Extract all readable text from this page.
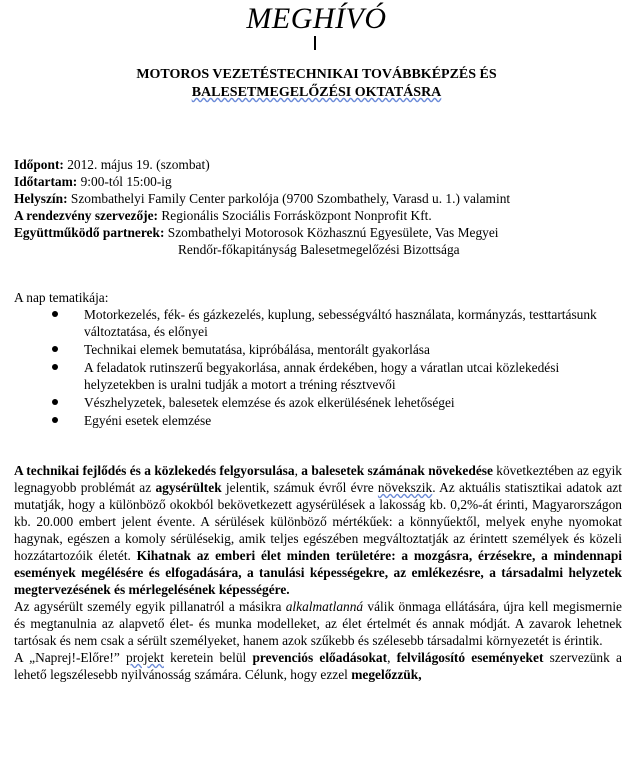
MEGHÍVÓ
MOTOROS VEZETÉSTECHNIKAI TOVÁBBKÉPZÉS ÉS
BALESETMEGELŐZÉSI OKTATÁSRA
Időpont: 2012. május 19. (szombat)
Időtartam: 9:00-tól 15:00-ig
Helyszín: Szombathelyi Family Center parkolója (9700 Szombathely, Varasd u. 1.) valamint
A rendezvény szervezője: Regionális Szociális Forrásközpont Nonprofit Kft.
Együttműködő partnerek: Szombathelyi Motorosok Közhasznú Egyesülete, Vas Megyei
Rendőr-főkapitányság Balesetmegelőzési Bizottsága
A nap tematikája:
Motorkezelés, fék- és gázkezelés, kuplung, sebességváltó használata, kormányzás, testtartásunk változtatása, és előnyei
Technikai elemek bemutatása, kipróbálása, mentorált gyakorlása
A feladatok rutinszerű begyakorlása, annak érdekében, hogy a váratlan utcai közlekedési helyzetekben is uralni tudják a motort a tréning résztvevői
Vészhelyzetek, balesetek elemzése és azok elkerülésének lehetőségei
Egyéni esetek elemzése

A technikai fejlődés és a közlekedés felgyorsulása, a balesetek számának növekedése következtében az egyik legnagyobb problémát az agysérültek jelentik, számuk évről évre növekszik. Az aktuális statisztikai adatok azt mutatják, hogy a különböző okokból bekövetkezett agysérülések a lakosság kb. 0,2%-át érinti, Magyarországon kb. 20.000 embert jelent évente. A sérülések különböző mértékűek: a könnyűektől, melyek enyhe nyomokat hagynak, egészen a komoly sérülésekig, amik teljes egészében megváltoztatják az érintett személyek és közeli hozzátartozóik életét. Kihatnak az emberi élet minden területére: a mozgásra, érzésekre, a mindennapi események megélésére és elfogadására, a tanulási képességekre, az emlékezésre, a társadalmi helyzetek megtervezésének és mérlegelésének képességére.

Az agysérült személy egyik pillanatról a másikra alkalmatlanná válik önmaga ellátására, újra kell megismernie és megtanulnia az alapvető élet- és munka modelleket, az élet értelmét és annak módját. A zavarok lehetnek tartósak és nem csak a sérült személyeket, hanem azok szűkebb és szélesebb társadalmi környezetét is érintik.

A „Naprej!-Előre!” projekt keretein belül prevenciós előadásokat, felvilágosító eseményeket szervezünk a lehető legszélesebb nyilvánosság számára. Célunk, hogy ezzel megelőzzük,
